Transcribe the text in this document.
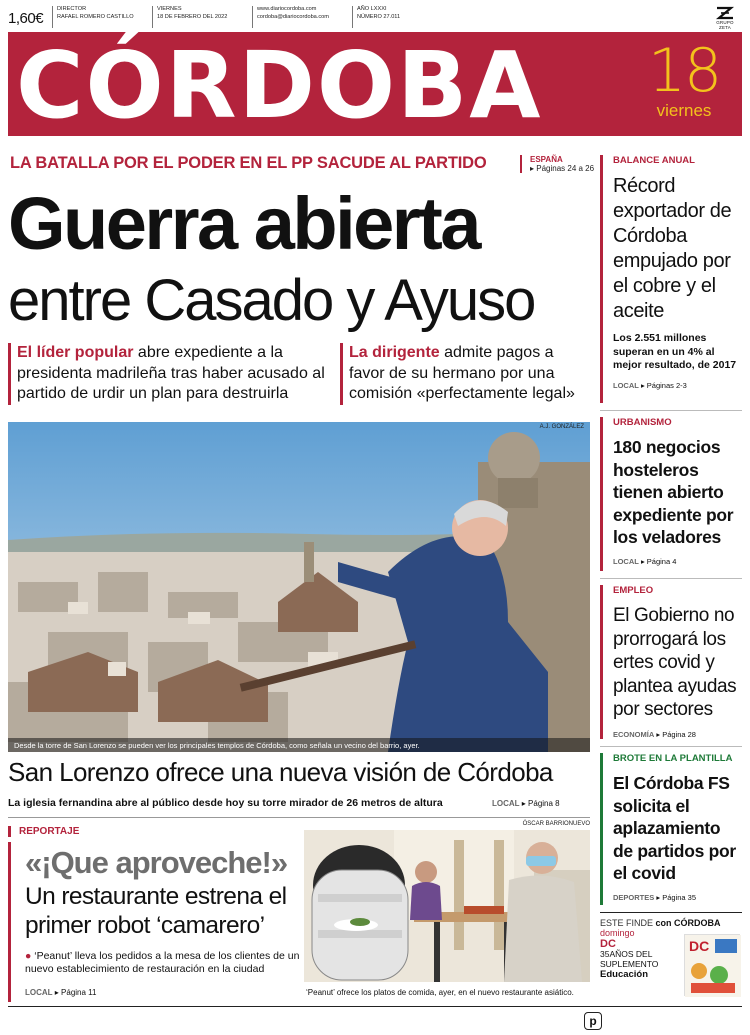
1,60€
DIRECTOR
RAFAEL ROMERO CASTILLO
VIERNES
18 DE FEBRERO DEL 2022
www.diariocordoba.com
cordoba@diariocordoba.com
AÑO LXXXI
NÚMERO 27.011
GRUPO ZETA
CÓRDOBA 18
viernes
LA BATALLA POR EL PODER EN EL PP SACUDE AL PARTIDO	ESPAÑA
▸ Páginas 24 a 26
Guerra abierta
entre Casado y Ayuso
El líder popular abre expediente a la presidenta madrileña tras haber acusado al partido de urdir un plan para destruirla
La dirigente admite pagos a favor de su hermano por una comisión «perfectamente legal»
A.J. GONZÁLEZ
Desde la torre de San Lorenzo se pueden ver los principales templos de Córdoba, como señala un vecino del barrio, ayer.
San Lorenzo ofrece una nueva visión de Córdoba
La iglesia fernandina abre al público desde hoy su torre mirador de 26 metros de altura	LOCAL ▸ Página 8
ÓSCAR BARRIONUEVO
REPORTAJE
«¡Que aproveche!»
Un restaurante estrena el primer robot ‘camarero’
● ‘Peanut’ lleva los pedidos a la mesa de los clientes de un nuevo establecimiento de restauración en la ciudad
LOCAL ▸ Página 11	‘Peanut’ ofrece los platos de comida, ayer, en el nuevo restaurante asiático.
BALANCE ANUAL
Récord exportador de Córdoba empujado por el cobre y el aceite
Los 2.551 millones superan en un 4% al mejor resultado, de 2017
LOCAL ▸ Páginas 2-3
URBANISMO
180 negocios hosteleros tienen abierto expediente por los veladores
LOCAL ▸ Página 4
EMPLEO
El Gobierno no prorrogará los ertes covid y plantea ayudas por sectores
ECONOMÍA ▸ Página 28
BROTE EN LA PLANTILLA
El Córdoba FS solicita el aplazamiento de partidos por el covid
DEPORTES ▸ Página 35
ESTE FINDE con CÓRDOBA
domingo
DC
35AÑOS DEL SUPLEMENTO
Educación
DC
p
